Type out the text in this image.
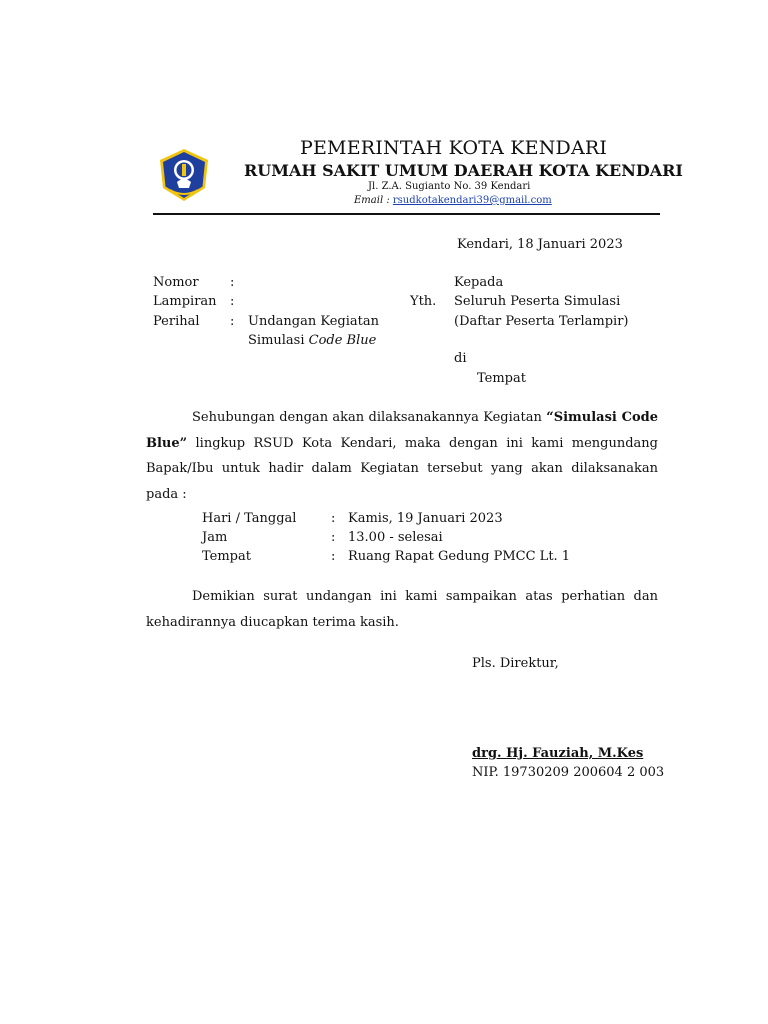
PEMERINTAH KOTA KENDARI
RUMAH SAKIT UMUM DAERAH KOTA KENDARI
Jl. Z.A. Sugianto No. 39 Kendari
Email : rsudkotakendari39@gmail.com
Kendari, 18 Januari 2023
Nomor :
Lampiran :
Perihal : Undangan Kegiatan
Simulasi Code Blue
Kepada
Yth. Seluruh Peserta Simulasi
(Daftar Peserta Terlampir)
di
Tempat
Sehubungan dengan akan dilaksanakannya Kegiatan “Simulasi Code Blue” lingkup RSUD Kota Kendari, maka dengan ini kami mengundang Bapak/Ibu untuk hadir dalam Kegiatan tersebut yang akan dilaksanakan pada :
Hari / Tanggal	: Kamis, 19 Januari 2023
Jam	: 13.00 - selesai
Tempat	: Ruang Rapat Gedung PMCC Lt. 1
Demikian surat undangan ini kami sampaikan atas perhatian dan kehadirannya diucapkan terima kasih.
Pls. Direktur,
drg. Hj. Fauziah, M.Kes
NIP. 19730209 200604 2 003
